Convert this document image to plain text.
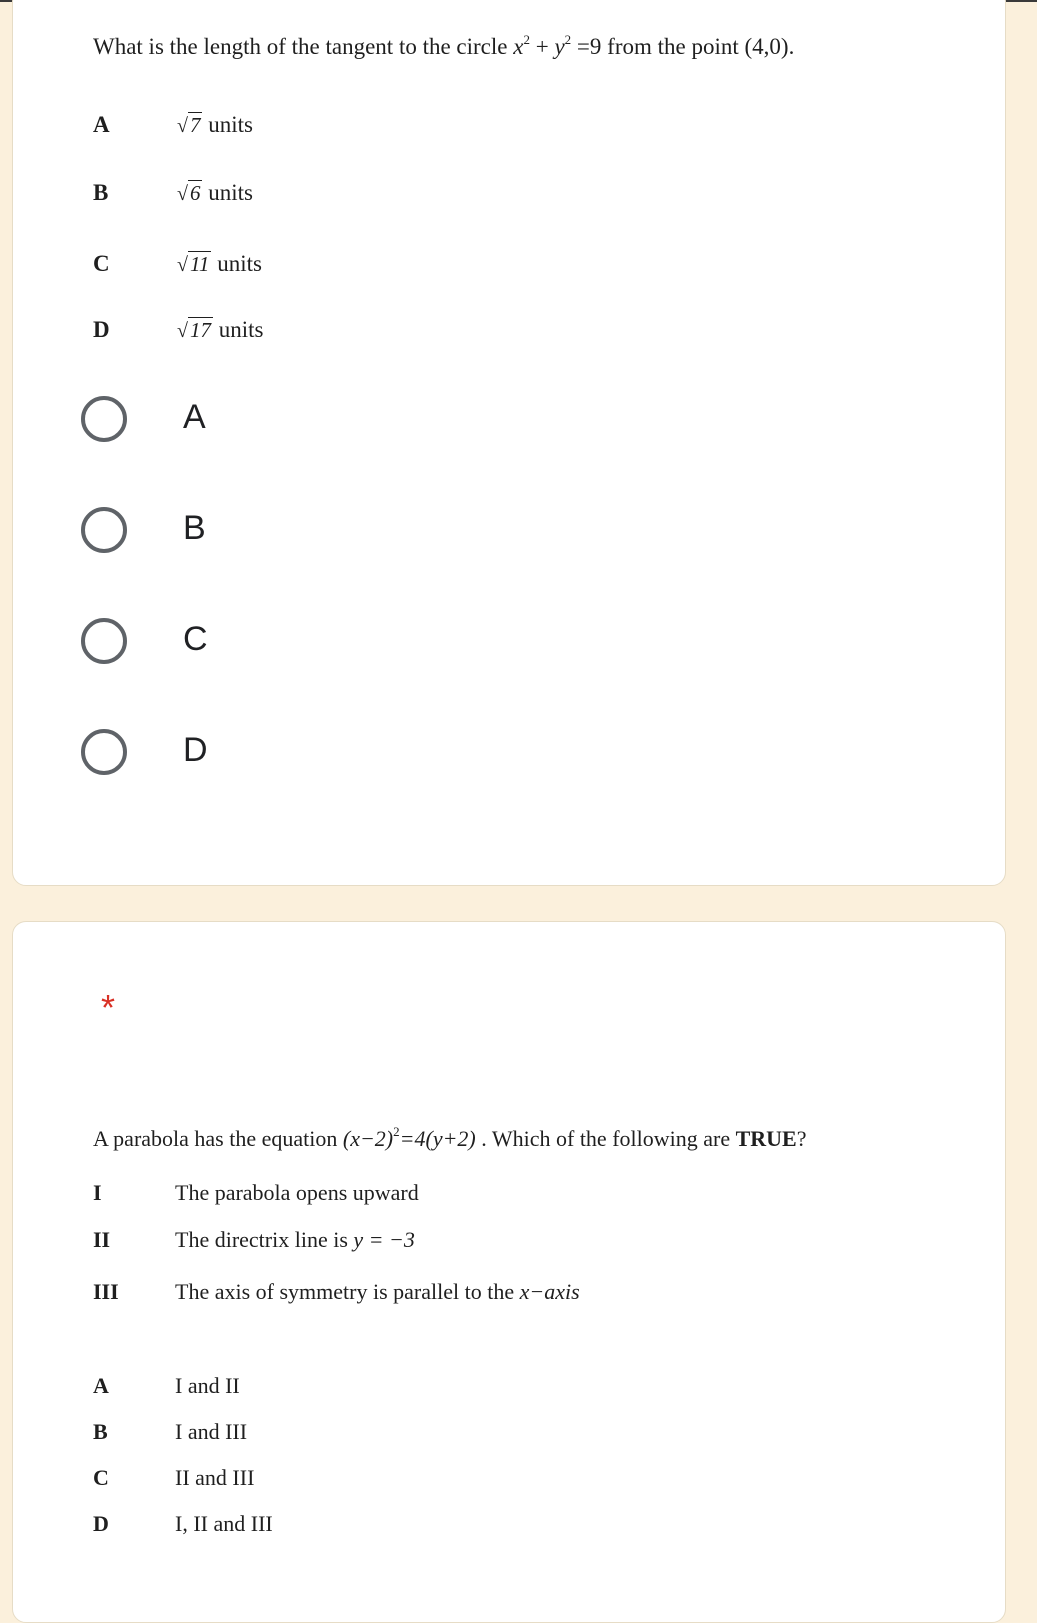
What is the length of the tangent to the circle $x^2 + y^2 =9$ from the point (4,0).
A	√7 units
B	√6 units
C	√11 units
D	√17 units
A
B
C
D
*
A parabola has the equation $(x-2)^2=4(y+2)$ . Which of the following are TRUE?
I	The parabola opens upward
II	The directrix line is y = −3
III	The axis of symmetry is parallel to the x−axis
A	I and II
B	I and III
C	II and III
D	I, II and III
